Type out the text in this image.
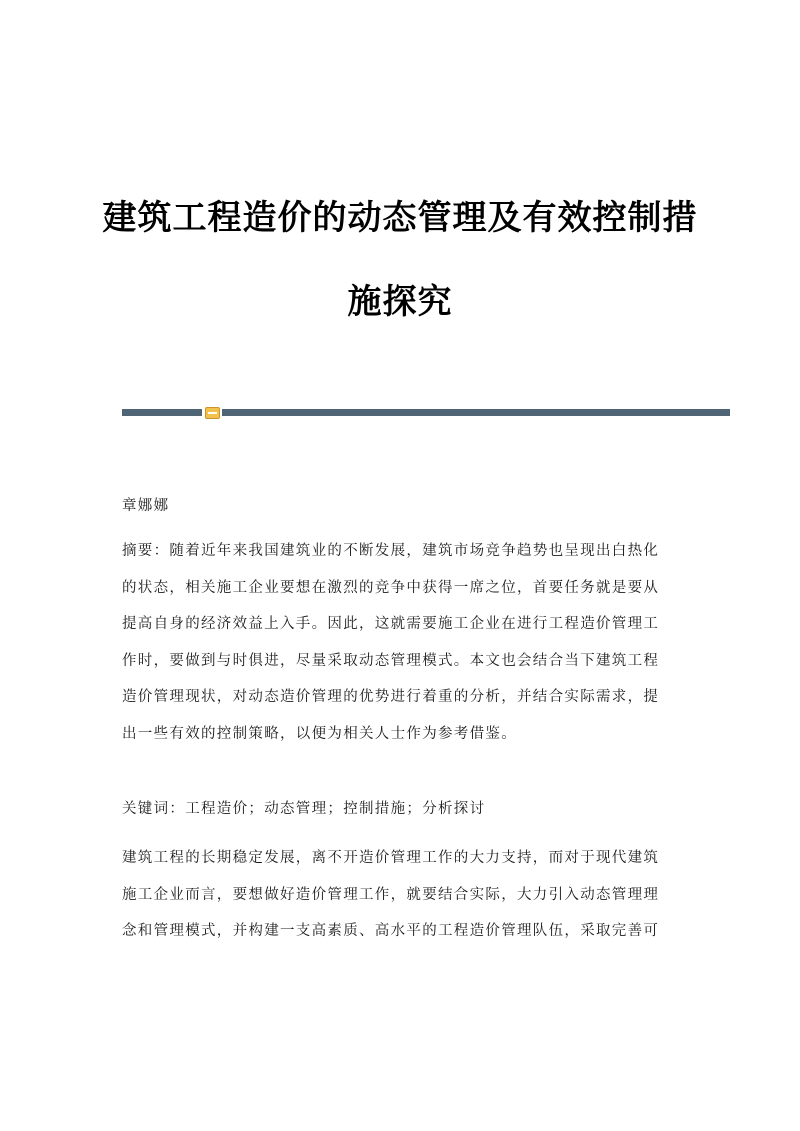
建筑工程造价的动态管理及有效控制措
施探究
章娜娜
摘要：随着近年来我国建筑业的不断发展，建筑市场竞争趋势也呈现出白热化
的状态，相关施工企业要想在激烈的竞争中获得一席之位，首要任务就是要从
提高自身的经济效益上入手。因此，这就需要施工企业在进行工程造价管理工
作时，要做到与时俱进，尽量采取动态管理模式。本文也会结合当下建筑工程
造价管理现状，对动态造价管理的优势进行着重的分析，并结合实际需求，提
出一些有效的控制策略，以便为相关人士作为参考借鉴。
关键词：工程造价；动态管理；控制措施；分析探讨
建筑工程的长期稳定发展，离不开造价管理工作的大力支持，而对于现代建筑
施工企业而言，要想做好造价管理工作，就要结合实际，大力引入动态管理理
念和管理模式，并构建一支高素质、高水平的工程造价管理队伍，采取完善可
